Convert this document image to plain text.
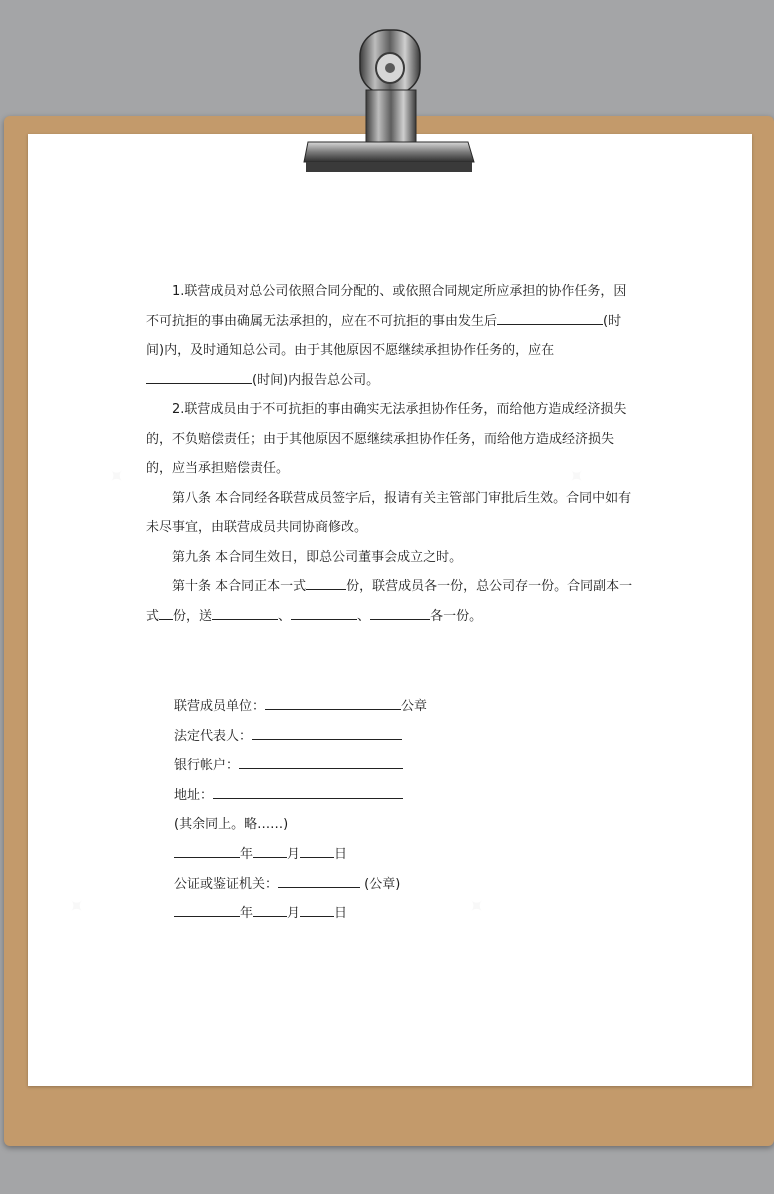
✦	✦
✦	✦

1.联营成员对总公司依照合同分配的、或依照合同规定所应承担的协作任务，因不可抗拒的事由确属无法承担的，应在不可抗拒的事由发生后	(时间)内，及时通知总公司。由于其他原因不愿继续承担协作任务的，应在(时间)内报告总公司。

2.联营成员由于不可抗拒的事由确实无法承担协作任务，而给他方造成经济损失的，不负赔偿责任；由于其他原因不愿继续承担协作任务，而给他方造成经济损失的，应当承担赔偿责任。

第八条 本合同经各联营成员签字后，报请有关主管部门审批后生效。合同中如有未尽事宜，由联营成员共同协商修改。

第九条 本合同生效日，即总公司董事会成立之时。

第十条 本合同正本一式	份，联营成员各一份，总公司存一份。合同副本一式 份，送	、	、	各一份。

联营成员单位：	公章
法定代表人：
银行帐户：
地址：
(其余同上。略……)
年	月	日
公证或鉴证机关：	(公章)
年	月	日
